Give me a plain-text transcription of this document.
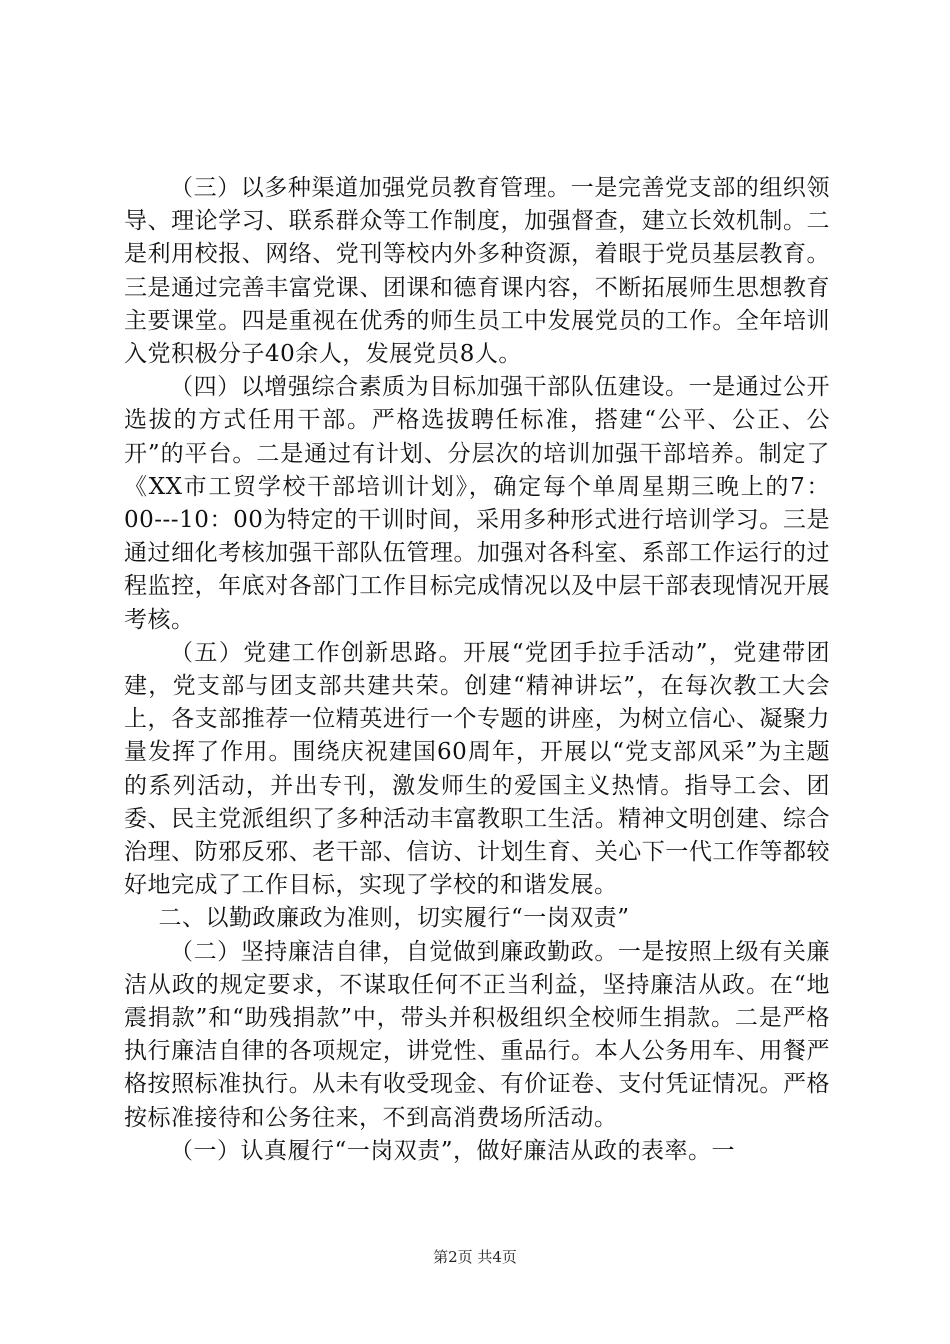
（三）以多种渠道加强党员教育管理。一是完善党支部的组织领导、理论学习、联系群众等工作制度，加强督查，建立长效机制。二是利用校报、网络、党刊等校内外多种资源，着眼于党员基层教育。三是通过完善丰富党课、团课和德育课内容，不断拓展师生思想教育主要课堂。四是重视在优秀的师生员工中发展党员的工作。全年培训入党积极分子40余人，发展党员8人。

（四）以增强综合素质为目标加强干部队伍建设。一是通过公开选拔的方式任用干部。严格选拔聘任标准，搭建“公平、公正、公开”的平台。二是通过有计划、分层次的培训加强干部培养。制定了《XX市工贸学校干部培训计划》，确定每个单周星期三晚上的7：00---10：00为特定的干训时间，采用多种形式进行培训学习。三是通过细化考核加强干部队伍管理。加强对各科室、系部工作运行的过程监控，年底对各部门工作目标完成情况以及中层干部表现情况开展考核。

（五）党建工作创新思路。开展“党团手拉手活动”，党建带团建，党支部与团支部共建共荣。创建“精神讲坛”，在每次教工大会上，各支部推荐一位精英进行一个专题的讲座，为树立信心、凝聚力量发挥了作用。围绕庆祝建国60周年，开展以“党支部风采”为主题的系列活动，并出专刊，激发师生的爱国主义热情。指导工会、团委、民主党派组织了多种活动丰富教职工生活。精神文明创建、综合治理、防邪反邪、老干部、信访、计划生育、关心下一代工作等都较好地完成了工作目标，实现了学校的和谐发展。

二、以勤政廉政为准则，切实履行“一岗双责”

（二）坚持廉洁自律，自觉做到廉政勤政。一是按照上级有关廉洁从政的规定要求，不谋取任何不正当利益，坚持廉洁从政。在“地震捐款”和“助残捐款”中，带头并积极组织全校师生捐款。二是严格执行廉洁自律的各项规定，讲党性、重品行。本人公务用车、用餐严格按照标准执行。从未有收受现金、有价证卷、支付凭证情况。严格按标准接待和公务往来，不到高消费场所活动。

（一）认真履行“一岗双责”，做好廉洁从政的表率。一

第2页 共4页
